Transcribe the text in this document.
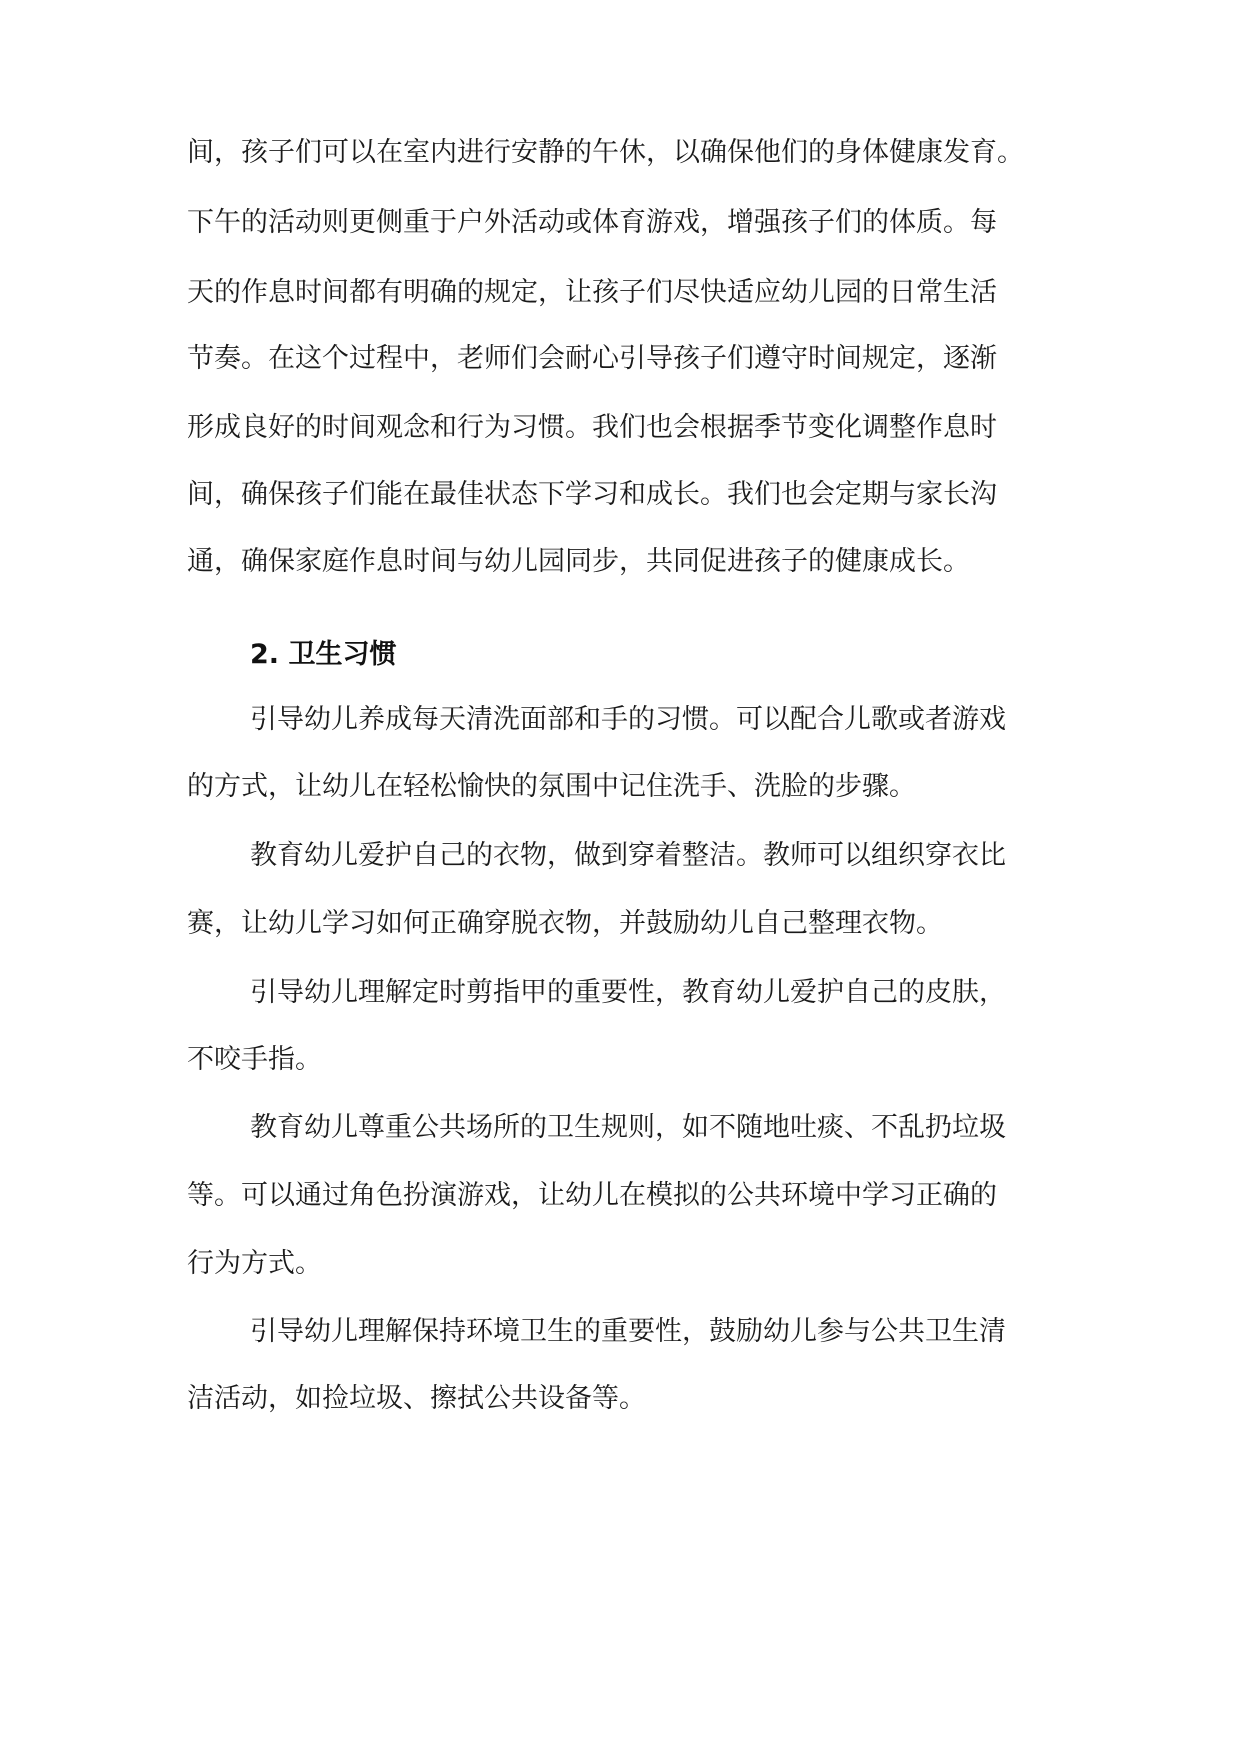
间，孩子们可以在室内进行安静的午休，以确保他们的身体健康发育。

下午的活动则更侧重于户外活动或体育游戏，增强孩子们的体质。每

天的作息时间都有明确的规定，让孩子们尽快适应幼儿园的日常生活

节奏。在这个过程中，老师们会耐心引导孩子们遵守时间规定，逐渐

形成良好的时间观念和行为习惯。我们也会根据季节变化调整作息时

间，确保孩子们能在最佳状态下学习和成长。我们也会定期与家长沟

通，确保家庭作息时间与幼儿园同步，共同促进孩子的健康成长。

2. 卫生习惯

引导幼儿养成每天清洗面部和手的习惯。可以配合儿歌或者游戏

的方式，让幼儿在轻松愉快的氛围中记住洗手、洗脸的步骤。

教育幼儿爱护自己的衣物，做到穿着整洁。教师可以组织穿衣比

赛，让幼儿学习如何正确穿脱衣物，并鼓励幼儿自己整理衣物。

引导幼儿理解定时剪指甲的重要性，教育幼儿爱护自己的皮肤，

不咬手指。

教育幼儿尊重公共场所的卫生规则，如不随地吐痰、不乱扔垃圾

等。可以通过角色扮演游戏，让幼儿在模拟的公共环境中学习正确的

行为方式。

引导幼儿理解保持环境卫生的重要性，鼓励幼儿参与公共卫生清

洁活动，如捡垃圾、擦拭公共设备等。
